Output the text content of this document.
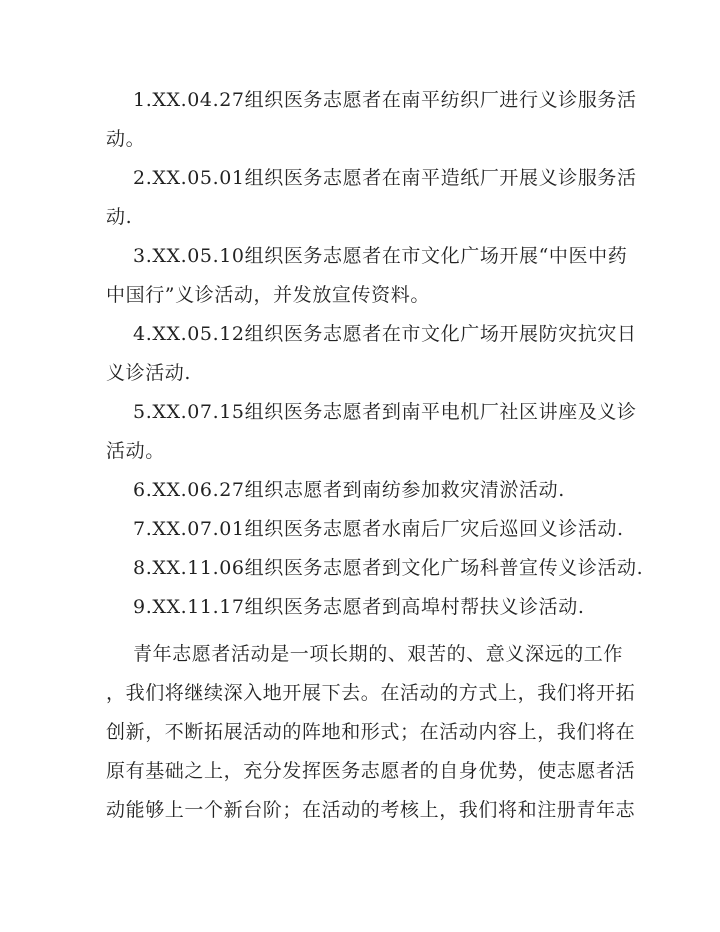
1.XX.04.27组织医务志愿者在南平纺织厂进行义诊服务活
动。
2.XX.05.01组织医务志愿者在南平造纸厂开展义诊服务活
动.
3.XX.05.10组织医务志愿者在市文化广场开展“中医中药
中国行”义诊活动，并发放宣传资料。
4.XX.05.12组织医务志愿者在市文化广场开展防灾抗灾日
义诊活动.
5.XX.07.15组织医务志愿者到南平电机厂社区讲座及义诊
活动。
6.XX.06.27组织志愿者到南纺参加救灾清淤活动.
7.XX.07.01组织医务志愿者水南后厂灾后巡回义诊活动.
8.XX.11.06组织医务志愿者到文化广场科普宣传义诊活动.
9.XX.11.17组织医务志愿者到高埠村帮扶义诊活动.
青年志愿者活动是一项长期的、艰苦的、意义深远的工作
，我们将继续深入地开展下去。在活动的方式上，我们将开拓
创新，不断拓展活动的阵地和形式；在活动内容上，我们将在
原有基础之上，充分发挥医务志愿者的自身优势，使志愿者活
动能够上一个新台阶；在活动的考核上，我们将和注册青年志
